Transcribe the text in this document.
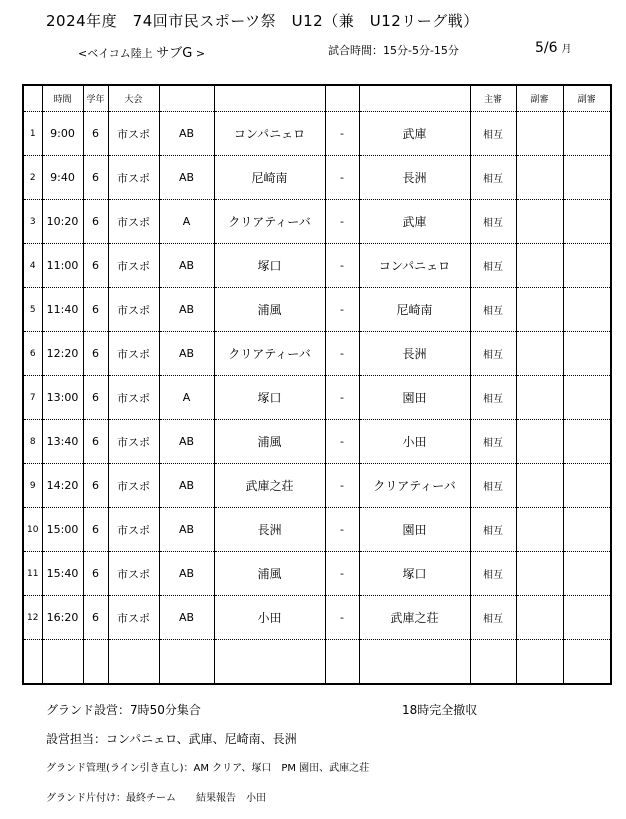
2024年度　74回市民スポーツ祭　U12（兼　U12リーグ戦）
<ベイコム陸上 サブG >	試合時間：15分-5分-15分	5/6 月
	時間	学年	大会					主審	副審	副審
1	9:00	6	市スポ	AB	コンパニェロ	-	武庫	相互		
2	9:40	6	市スポ	AB	尼崎南	-	長洲	相互		
3	10:20	6	市スポ	A	クリアティーバ	-	武庫	相互		
4	11:00	6	市スポ	AB	塚口	-	コンパニェロ	相互		
5	11:40	6	市スポ	AB	浦風	-	尼崎南	相互		
6	12:20	6	市スポ	AB	クリアティーバ	-	長洲	相互		
7	13:00	6	市スポ	A	塚口	-	園田	相互		
8	13:40	6	市スポ	AB	浦風	-	小田	相互		
9	14:20	6	市スポ	AB	武庫之荘	-	クリアティーバ	相互		
10	15:00	6	市スポ	AB	長洲	-	園田	相互		
11	15:40	6	市スポ	AB	浦風	-	塚口	相互		
12	16:20	6	市スポ	AB	小田	-	武庫之荘	相互		

グランド設営：7時50分集合	18時完全撤収
設営担当：コンパニェロ、武庫、尼崎南、長洲
グランド管理(ライン引き直し)：AM クリア、塚口　PM 園田、武庫之荘
グランド片付け：最終チーム　　結果報告　小田
